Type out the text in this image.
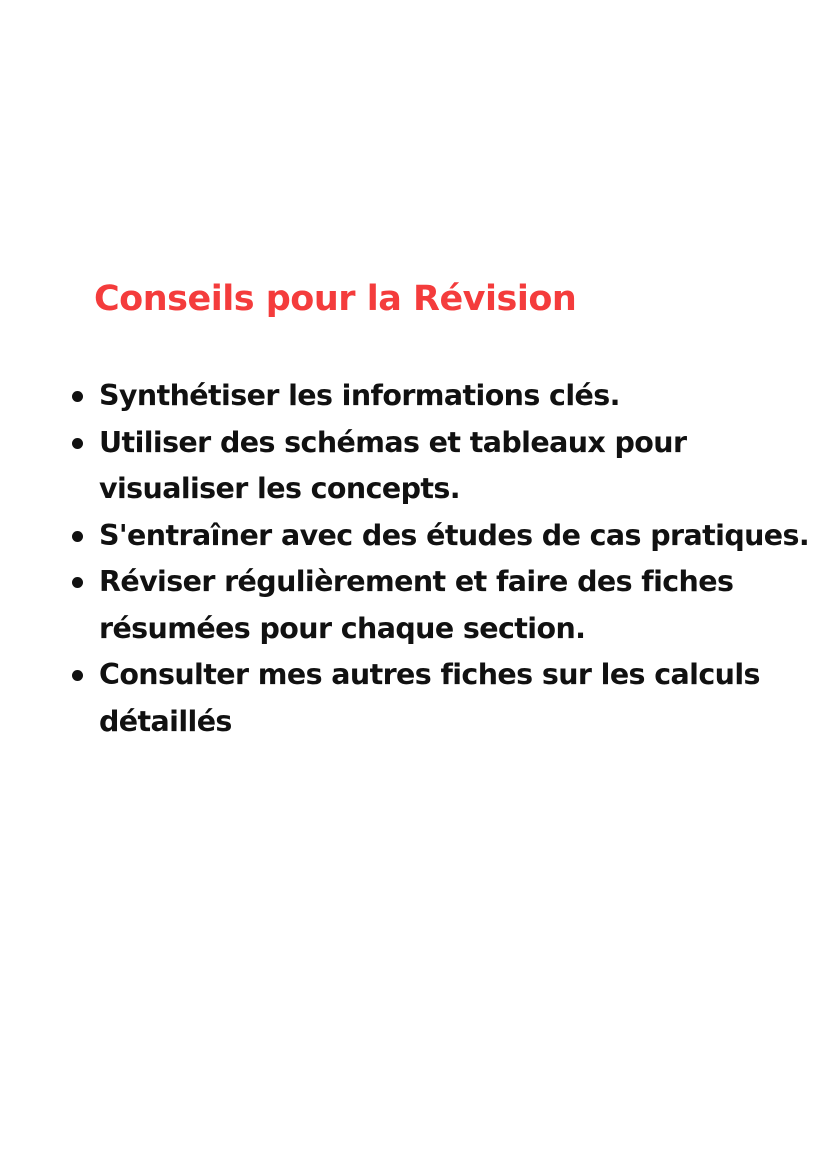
Conseils pour la Révision
Synthétiser les informations clés.
Utiliser des schémas et tableaux pour visualiser les concepts.
S'entraîner avec des études de cas pratiques.
Réviser régulièrement et faire des fiches résumées pour chaque section.
Consulter mes autres fiches sur les calculs détaillés
